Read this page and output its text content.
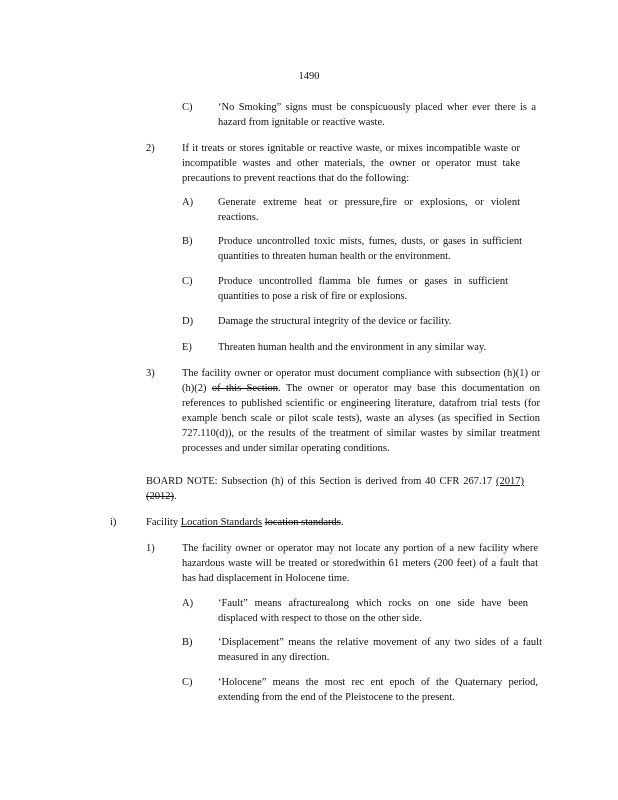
1490
C) ‘No Smoking” signs must be conspicuously placed wher ever there is a hazard from ignitable or reactive waste.
2)	If it treats or stores ignitable or reactive waste, or mixes incompatible waste or incompatible wastes and other materials, the owner or operator must take precautions to prevent reactions that do the following:
A) Generate extreme heat or pressure,fire or explosions, or violent reactions.
B) Produce uncontrolled toxic mists, fumes, dusts, or gases in sufficient quantities to threaten human health or the environment.
C) Produce uncontrolled flamma ble fumes or gases in sufficient quantities to pose a risk of fire or explosions.
D) Damage the structural integrity of the device or facility.
E) Threaten human health and the environment in any similar way.
3)	The facility owner or operator must document compliance with subsection (h)(1) or (h)(2) of this Section. The owner or operator may base this documentation on references to published scientific or engineering literature, datafrom trial tests (for example bench scale or pilot scale tests), waste an alyses (as specified in Section 727.110(d)), or the results of the treatment of similar wastes by similar treatment processes and under similar operating conditions.
BOARD NOTE: Subsection (h) of this Section is derived from 40 CFR 267.17 (2017) (2012).
i)	Facility Location Standards location standards.
1)	The facility owner or operator may not locate any portion of a new facility where hazardous waste will be treated or storedwithin 61 meters (200 feet) of a fault that has had displacement in Holocene time.
A) ‘Fault” means afracturealong which rocks on one side have been displaced with respect to those on the other side.
B) ‘Displacement” means the relative movement of any two sides of a fault measured in any direction.
C) ‘Holocene” means the most rec ent epoch of the Quaternary period, extending from the end of the Pleistocene to the present.
